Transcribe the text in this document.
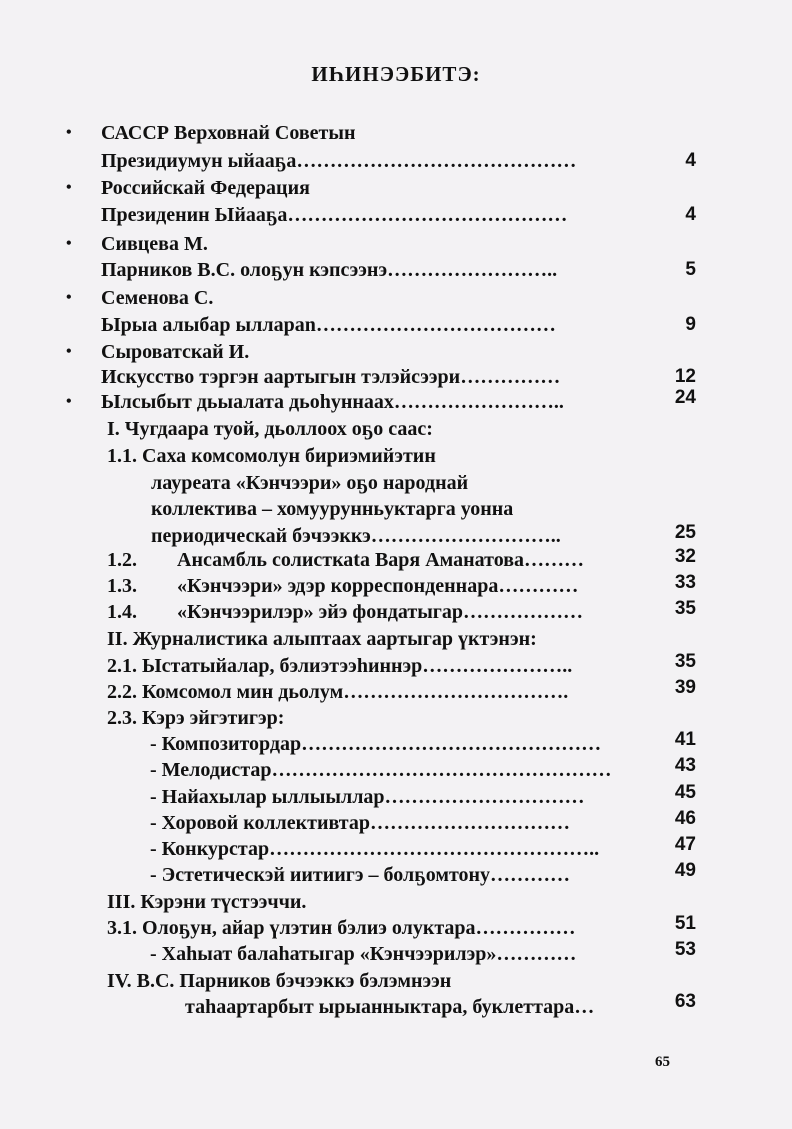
ИҺИНЭЭБИТЭ:
•
•
•
•
•
•
САССР Верховнай Советын
Президиумун ыйааҕа……………………………………	4
Российскай Федерация
Президенин Ыйааҕа……………………………………	4
Сивцева М.
Парников В.С. олоҕун кэпсээнэ……………………..	5
Семенова С.
Ырыа алыбар ыллараn………………………………	9
Сыроватскай И.
Искусство тэргэн аартыгын тэлэйсээри……………	12
Ылсыбыт дьыалата дьоһуннаах……………………..	24
I. Чугдаара туой, дьоллоох оҕо саас:
1.1. Саха комсомолун бириэмийэтин
лауреата «Кэнчээри» оҕо народнай
коллектива – хомуурунньуктарга уонна
периодическай бэчээккэ………………………..	25
1.2. Ансамбль солисткаta Варя Аманатова………	32
1.3. «Кэнчээри» эдэр корреспонденнара…………	33
1.4. «Кэнчээрилэр» эйэ фондатыгар………………	35
II. Журналистика алыптаах аартыгар үктэнэн:
2.1. Ыстатыйалар, бэлиэтээһиннэр…………………..	35
2.2. Комсомол мин дьолум…………………………….	39
2.3. Кэрэ эйгэтигэр:
- Композитордар………………………………………	41
- Мелодистар……………………………………………	43
- Найахылар ыллыыллар…………………………	45
- Хоровой коллективтар…………………………	46
- Конкурстар…………………………………………..	47
- Эстетическэй иитиигэ – болҕомтону…………	49
III. Кэрэни түстээччи.
3.1. Олоҕун, айар үлэтин бэлиэ олуктара……………	51
- Хаһыат балаһатыгар «Кэнчээрилэр»…………	53
IV. В.С. Парников бэчээккэ бэлэмнээн
таһаартарбыт ырыанныктара, буклеттара…	63
65
